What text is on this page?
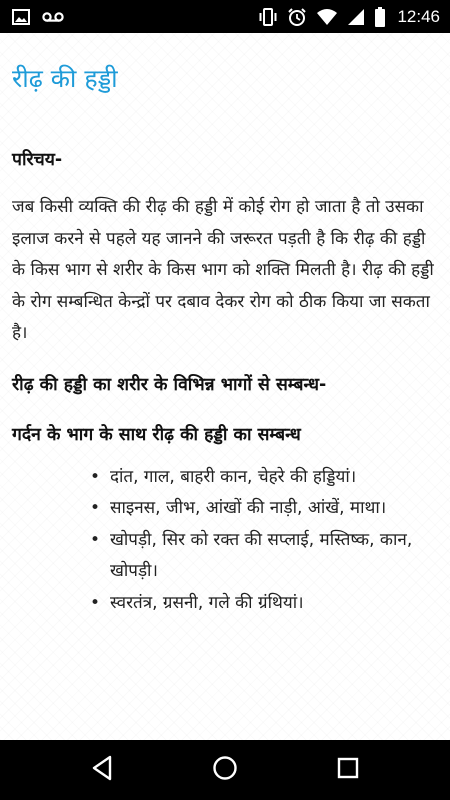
12:46
रीढ़ की हड्डी
परिचय-

जब किसी व्यक्ति की रीढ़ की हड्डी में कोई रोग हो जाता है तो उसका इलाज करने से पहले यह जानने की जरूरत पड़ती है कि रीढ़ की हड्डी के किस भाग से शरीर के किस भाग को शक्ति मिलती है। रीढ़ की हड्डी के रोग सम्बन्धित केन्द्रों पर दबाव देकर रोग को ठीक किया जा सकता है।

रीढ़ की हड्डी का शरीर के विभिन्न भागों से सम्बन्ध-
गर्दन के भाग के साथ रीढ़ की हड्डी का सम्बन्ध
• दांत, गाल, बाहरी कान, चेहरे की हड्डियां।
• साइनस, जीभ, आंखों की नाड़ी, आंखें, माथा।
• खोपड़ी, सिर को रक्त की सप्लाई, मस्तिष्क, कान, खोपड़ी।
• स्वरतंत्र, ग्रसनी, गले की ग्रंथियां।
